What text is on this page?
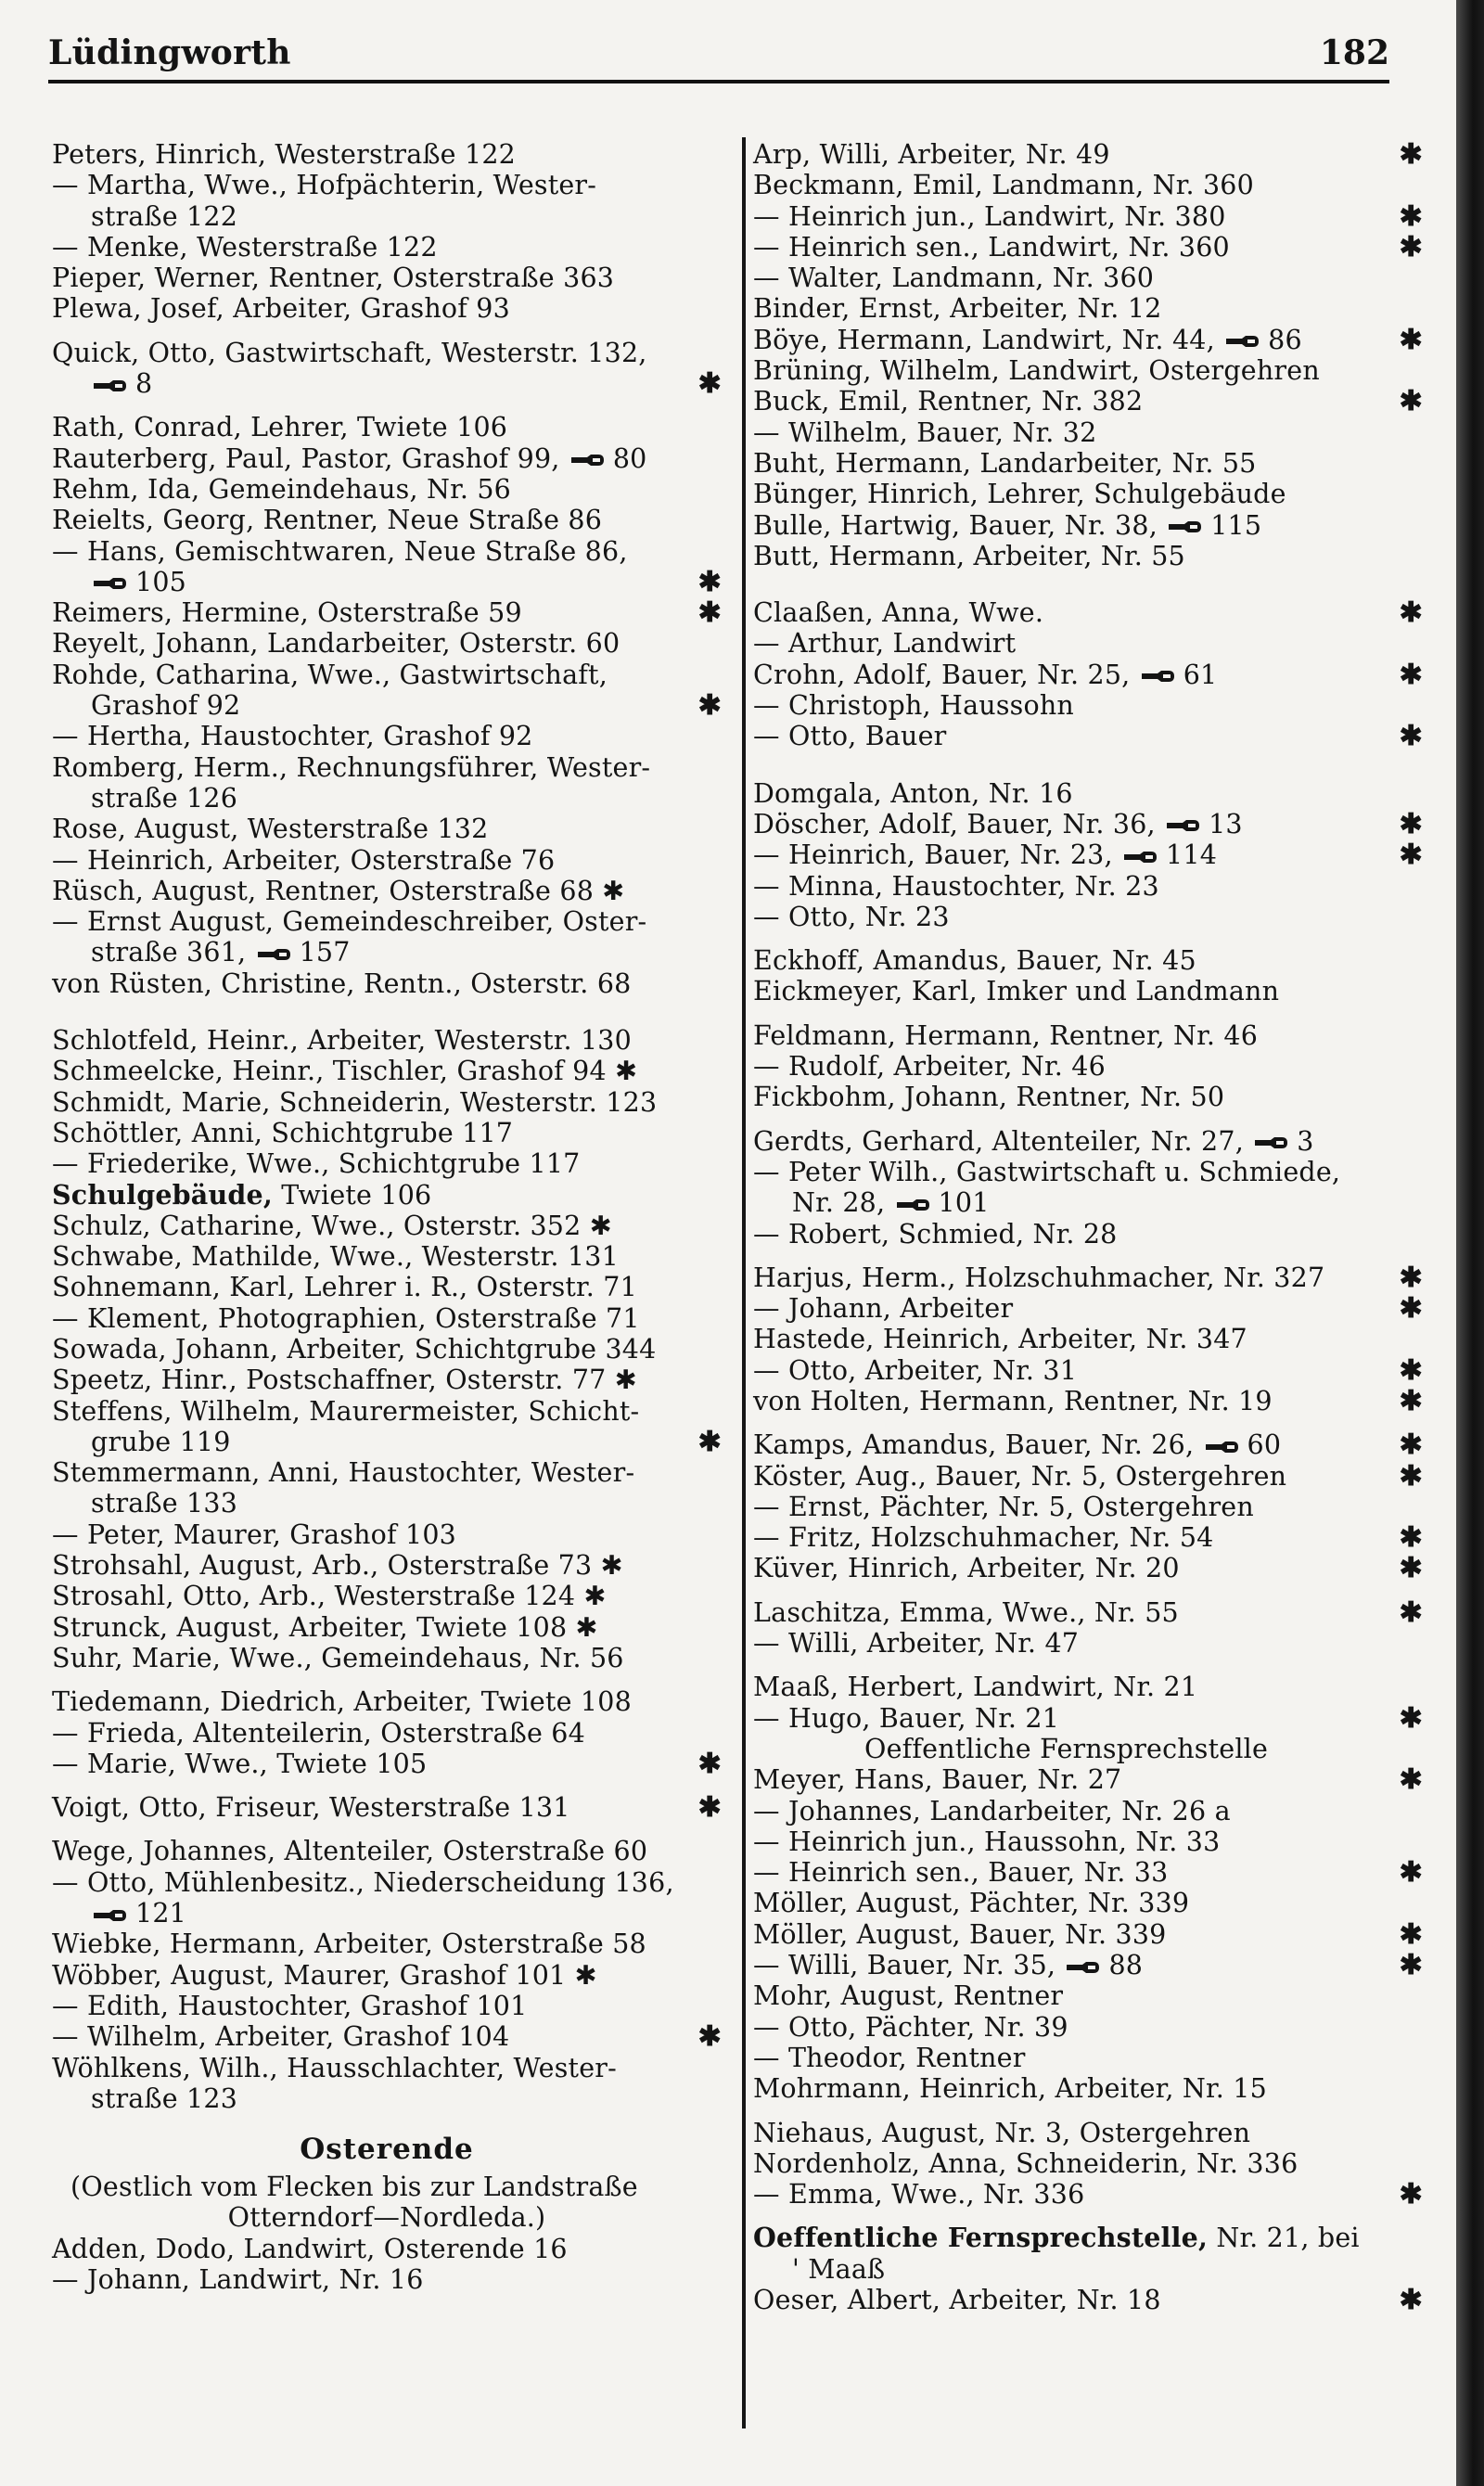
Lüdingworth	182
Peters, Hinrich, Westerstraße 122
— Martha, Wwe., Hofpächterin, Wester-
straße 122
— Menke, Westerstraße 122
Pieper, Werner, Rentner, Osterstraße 363
Plewa, Josef, Arbeiter, Grashof 93
Quick, Otto, Gastwirtschaft, Westerstr. 132,
8	✱
Rath, Conrad, Lehrer, Twiete 106
Rauterberg, Paul, Pastor, Grashof 99, 80
Rehm, Ida, Gemeindehaus, Nr. 56
Reielts, Georg, Rentner, Neue Straße 86
— Hans, Gemischtwaren, Neue Straße 86,
105	✱
Reimers, Hermine, Osterstraße 59	✱
Reyelt, Johann, Landarbeiter, Osterstr. 60
Rohde, Catharina, Wwe., Gastwirtschaft,
Grashof 92	✱
— Hertha, Haustochter, Grashof 92
Romberg, Herm., Rechnungsführer, Wester-
straße 126
Rose, August, Westerstraße 132
— Heinrich, Arbeiter, Osterstraße 76
Rüsch, August, Rentner, Osterstraße 68 ✱
— Ernst August, Gemeindeschreiber, Oster-
straße 361, 157
von Rüsten, Christine, Rentn., Osterstr. 68
Schlotfeld, Heinr., Arbeiter, Westerstr. 130
Schmeelcke, Heinr., Tischler, Grashof 94 ✱
Schmidt, Marie, Schneiderin, Westerstr. 123
Schöttler, Anni, Schichtgrube 117
— Friederike, Wwe., Schichtgrube 117
Schulgebäude, Twiete 106
Schulz, Catharine, Wwe., Osterstr. 352 ✱
Schwabe, Mathilde, Wwe., Westerstr. 131
Sohnemann, Karl, Lehrer i. R., Osterstr. 71
— Klement, Photographien, Osterstraße 71
Sowada, Johann, Arbeiter, Schichtgrube 344
Speetz, Hinr., Postschaffner, Osterstr. 77 ✱
Steffens, Wilhelm, Maurermeister, Schicht-
grube 119	✱
Stemmermann, Anni, Haustochter, Wester-
straße 133
— Peter, Maurer, Grashof 103
Strohsahl, August, Arb., Osterstraße 73 ✱
Strosahl, Otto, Arb., Westerstraße 124 ✱
Strunck, August, Arbeiter, Twiete 108 ✱
Suhr, Marie, Wwe., Gemeindehaus, Nr. 56
Tiedemann, Diedrich, Arbeiter, Twiete 108
— Frieda, Altenteilerin, Osterstraße 64
— Marie, Wwe., Twiete 105	✱
Voigt, Otto, Friseur, Westerstraße 131	✱
Wege, Johannes, Altenteiler, Osterstraße 60
— Otto, Mühlenbesitz., Niederscheidung 136,
121
Wiebke, Hermann, Arbeiter, Osterstraße 58
Wöbber, August, Maurer, Grashof 101 ✱
— Edith, Haustochter, Grashof 101
— Wilhelm, Arbeiter, Grashof 104	✱
Wöhlkens, Wilh., Hausschlachter, Wester-
straße 123
Osterende
(Oestlich vom Flecken bis zur Landstraße
Otterndorf—Nordleda.)
Adden, Dodo, Landwirt, Osterende 16
— Johann, Landwirt, Nr. 16
Arp, Willi, Arbeiter, Nr. 49	✱
Beckmann, Emil, Landmann, Nr. 360
— Heinrich jun., Landwirt, Nr. 380	✱
— Heinrich sen., Landwirt, Nr. 360	✱
— Walter, Landmann, Nr. 360
Binder, Ernst, Arbeiter, Nr. 12
Böye, Hermann, Landwirt, Nr. 44, 86	✱
Brüning, Wilhelm, Landwirt, Ostergehren
Buck, Emil, Rentner, Nr. 382	✱
— Wilhelm, Bauer, Nr. 32
Buht, Hermann, Landarbeiter, Nr. 55
Bünger, Hinrich, Lehrer, Schulgebäude
Bulle, Hartwig, Bauer, Nr. 38, 115
Butt, Hermann, Arbeiter, Nr. 55
Claaßen, Anna, Wwe.	✱
— Arthur, Landwirt
Crohn, Adolf, Bauer, Nr. 25, 61	✱
— Christoph, Haussohn
— Otto, Bauer	✱
Domgala, Anton, Nr. 16
Döscher, Adolf, Bauer, Nr. 36, 13	✱
— Heinrich, Bauer, Nr. 23, 114	✱
— Minna, Haustochter, Nr. 23
— Otto, Nr. 23
Eckhoff, Amandus, Bauer, Nr. 45
Eickmeyer, Karl, Imker und Landmann
Feldmann, Hermann, Rentner, Nr. 46
— Rudolf, Arbeiter, Nr. 46
Fickbohm, Johann, Rentner, Nr. 50
Gerdts, Gerhard, Altenteiler, Nr. 27, 3
— Peter Wilh., Gastwirtschaft u. Schmiede,
Nr. 28, 101
— Robert, Schmied, Nr. 28
Harjus, Herm., Holzschuhmacher, Nr. 327	✱
— Johann, Arbeiter	✱
Hastede, Heinrich, Arbeiter, Nr. 347
— Otto, Arbeiter, Nr. 31	✱
von Holten, Hermann, Rentner, Nr. 19	✱
Kamps, Amandus, Bauer, Nr. 26, 60	✱
Köster, Aug., Bauer, Nr. 5, Ostergehren	✱
— Ernst, Pächter, Nr. 5, Ostergehren
— Fritz, Holzschuhmacher, Nr. 54	✱
Küver, Hinrich, Arbeiter, Nr. 20	✱
Laschitza, Emma, Wwe., Nr. 55	✱
— Willi, Arbeiter, Nr. 47
Maaß, Herbert, Landwirt, Nr. 21
— Hugo, Bauer, Nr. 21	✱
Oeffentliche Fernsprechstelle
Meyer, Hans, Bauer, Nr. 27	✱
— Johannes, Landarbeiter, Nr. 26 a
— Heinrich jun., Haussohn, Nr. 33
— Heinrich sen., Bauer, Nr. 33	✱
Möller, August, Pächter, Nr. 339
Möller, August, Bauer, Nr. 339	✱
— Willi, Bauer, Nr. 35, 88	✱
Mohr, August, Rentner
— Otto, Pächter, Nr. 39
— Theodor, Rentner
Mohrmann, Heinrich, Arbeiter, Nr. 15
Niehaus, August, Nr. 3, Ostergehren
Nordenholz, Anna, Schneiderin, Nr. 336
— Emma, Wwe., Nr. 336	✱
Oeffentliche Fernsprechstelle, Nr. 21, bei
' Maaß
Oeser, Albert, Arbeiter, Nr. 18	✱
